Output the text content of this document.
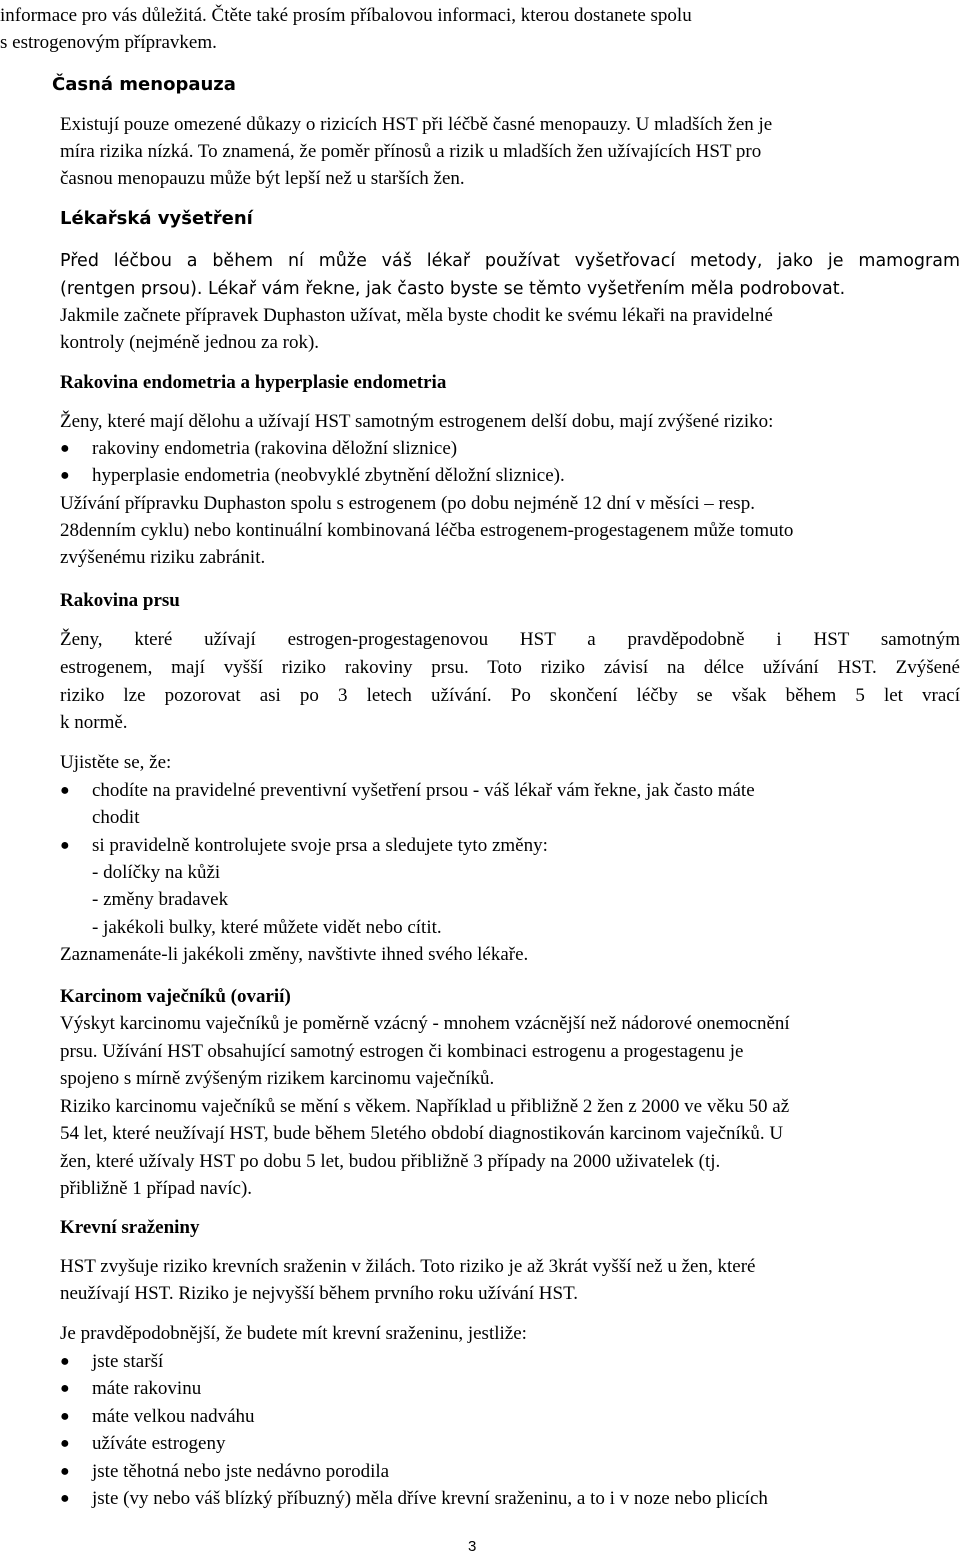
informace pro vás důležitá. Čtěte také prosím příbalovou informaci, kterou dostanete spolu
s estrogenovým přípravkem.
Časná menopauza
Existují pouze omezené důkazy o rizicích HST při léčbě časné menopauzy. U mladších žen je
míra rizika nízká. To znamená, že poměr přínosů a rizik u mladších žen užívajících HST pro
časnou menopauzu může být lepší než u starších žen.
Lékařská vyšetření
Před léčbou a během ní může váš lékař používat vyšetřovací metody, jako je mamogram
(rentgen prsou). Lékař vám řekne, jak často byste se těmto vyšetřením měla podrobovat.
Jakmile začnete přípravek Duphaston užívat, měla byste chodit ke svému lékaři na pravidelné
kontroly (nejméně jednou za rok).
Rakovina endometria a hyperplasie endometria
Ženy, které mají dělohu a užívají HST samotným estrogenem delší dobu, mají zvýšené riziko:
● rakoviny endometria (rakovina děložní sliznice)
● hyperplasie endometria (neobvyklé zbytnění děložní sliznice).
Užívání přípravku Duphaston spolu s estrogenem (po dobu nejméně 12 dní v měsíci – resp.
28denním cyklu) nebo kontinuální kombinovaná léčba estrogenem-progestagenem může tomuto
zvýšenému riziku zabránit.
Rakovina prsu
Ženy, které užívají estrogen-progestagenovou HST a pravděpodobně i HST samotným
estrogenem, mají vyšší riziko rakoviny prsu. Toto riziko závisí na délce užívání HST. Zvýšené
riziko lze pozorovat asi po 3 letech užívání. Po skončení léčby se však během 5 let vrací
k normě.
Ujistěte se, že:
● chodíte na pravidelné preventivní vyšetření prsou - váš lékař vám řekne, jak často máte
chodit
● si pravidelně kontrolujete svoje prsa a sledujete tyto změny:
- dolíčky na kůži
- změny bradavek
- jakékoli bulky, které můžete vidět nebo cítit.
Zaznamenáte-li jakékoli změny, navštivte ihned svého lékaře.
Karcinom vaječníků (ovarií)
Výskyt karcinomu vaječníků je poměrně vzácný - mnohem vzácnější než nádorové onemocnění
prsu. Užívání HST obsahující samotný estrogen či kombinaci estrogenu a progestagenu je
spojeno s mírně zvýšeným rizikem karcinomu vaječníků.
Riziko karcinomu vaječníků se mění s věkem. Například u přibližně 2 žen z 2000 ve věku 50 až
54 let, které neužívají HST, bude během 5letého období diagnostikován karcinom vaječníků. U
žen, které užívaly HST po dobu 5 let, budou přibližně 3 případy na 2000 uživatelek (tj.
přibližně 1 případ navíc).
Krevní sraženiny
HST zvyšuje riziko krevních sraženin v žilách. Toto riziko je až 3krát vyšší než u žen, které
neužívají HST. Riziko je nejvyšší během prvního roku užívání HST.
Je pravděpodobnější, že budete mít krevní sraženinu, jestliže:
● jste starší
● máte rakovinu
● máte velkou nadváhu
● užíváte estrogeny
● jste těhotná nebo jste nedávno porodila
● jste (vy nebo váš blízký příbuzný) měla dříve krevní sraženinu, a to i v noze nebo plicích
3
